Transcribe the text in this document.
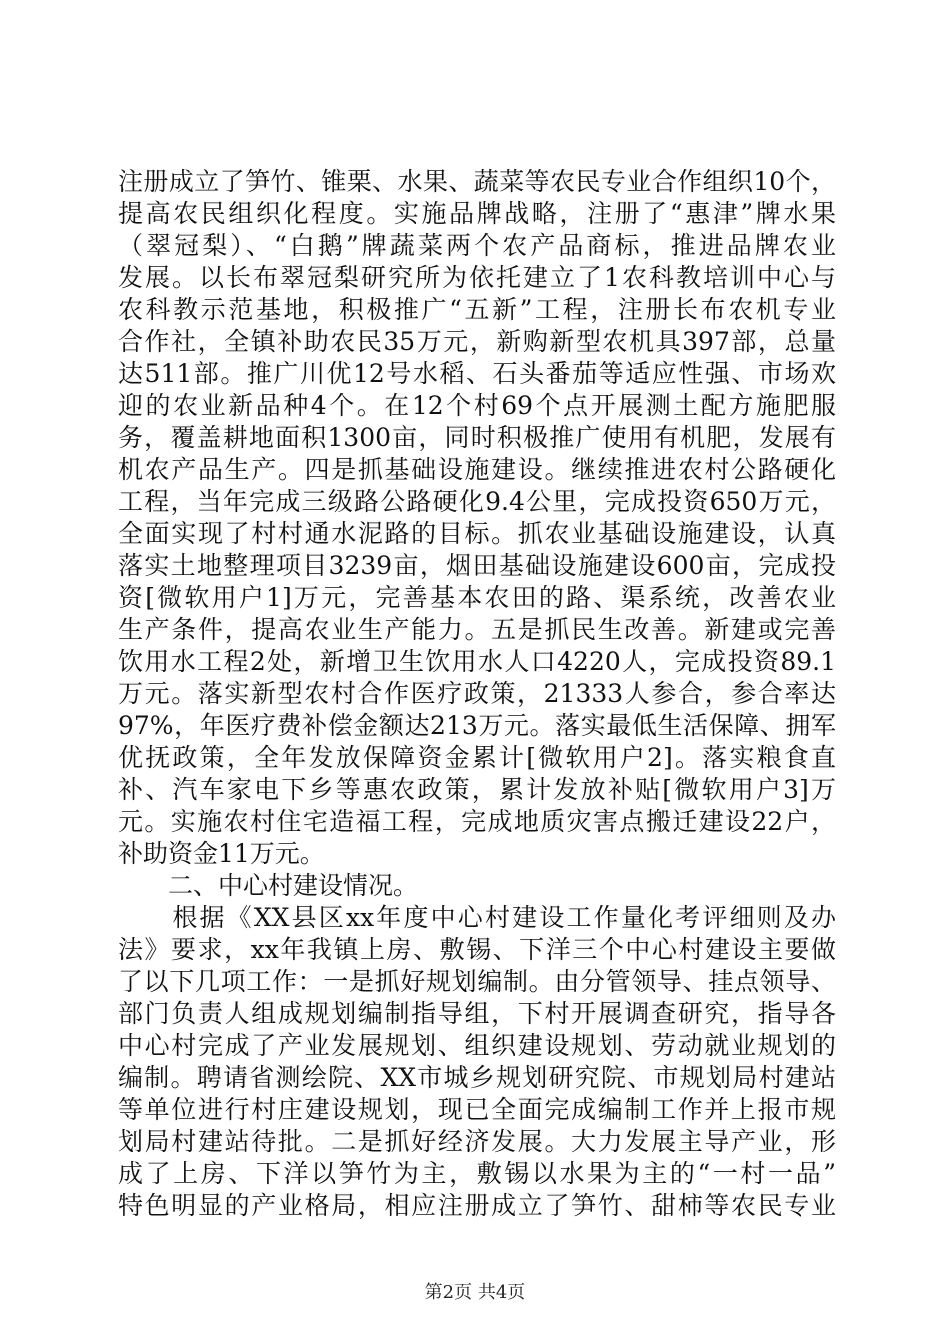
注册成立了笋竹、锥栗、水果、蔬菜等农民专业合作组织10个，
提高农民组织化程度。实施品牌战略，注册了“惠津”牌水果
（翠冠梨）、“白鹅”牌蔬菜两个农产品商标，推进品牌农业
发展。以长布翠冠梨研究所为依托建立了1农科教培训中心与
农科教示范基地，积极推广“五新”工程，注册长布农机专业
合作社，全镇补助农民35万元，新购新型农机具397部，总量
达511部。推广川优12号水稻、石头番茄等适应性强、市场欢
迎的农业新品种4个。在12个村69个点开展测土配方施肥服
务，覆盖耕地面积1300亩，同时积极推广使用有机肥，发展有
机农产品生产。四是抓基础设施建设。继续推进农村公路硬化
工程，当年完成三级路公路硬化9.4公里，完成投资650万元，
全面实现了村村通水泥路的目标。抓农业基础设施建设，认真
落实土地整理项目3239亩，烟田基础设施建设600亩，完成投
资[微软用户1]万元，完善基本农田的路、渠系统，改善农业
生产条件，提高农业生产能力。五是抓民生改善。新建或完善
饮用水工程2处，新增卫生饮用水人口4220人，完成投资89.1
万元。落实新型农村合作医疗政策，21333人参合，参合率达
97%，年医疗费补偿金额达213万元。落实最低生活保障、拥军
优抚政策，全年发放保障资金累计[微软用户2]。落实粮食直
补、汽车家电下乡等惠农政策，累计发放补贴[微软用户3]万
元。实施农村住宅造福工程，完成地质灾害点搬迁建设22户，
补助资金11万元。
　　二、中心村建设情况。
　　根据《XX县区xx年度中心村建设工作量化考评细则及办
法》要求，xx年我镇上房、敷锡、下洋三个中心村建设主要做
了以下几项工作：一是抓好规划编制。由分管领导、挂点领导、
部门负责人组成规划编制指导组，下村开展调查研究，指导各
中心村完成了产业发展规划、组织建设规划、劳动就业规划的
编制。聘请省测绘院、XX市城乡规划研究院、市规划局村建站
等单位进行村庄建设规划，现已全面完成编制工作并上报市规
划局村建站待批。二是抓好经济发展。大力发展主导产业，形
成了上房、下洋以笋竹为主，敷锡以水果为主的“一村一品”
特色明显的产业格局，相应注册成立了笋竹、甜柿等农民专业
第2页 共4页
